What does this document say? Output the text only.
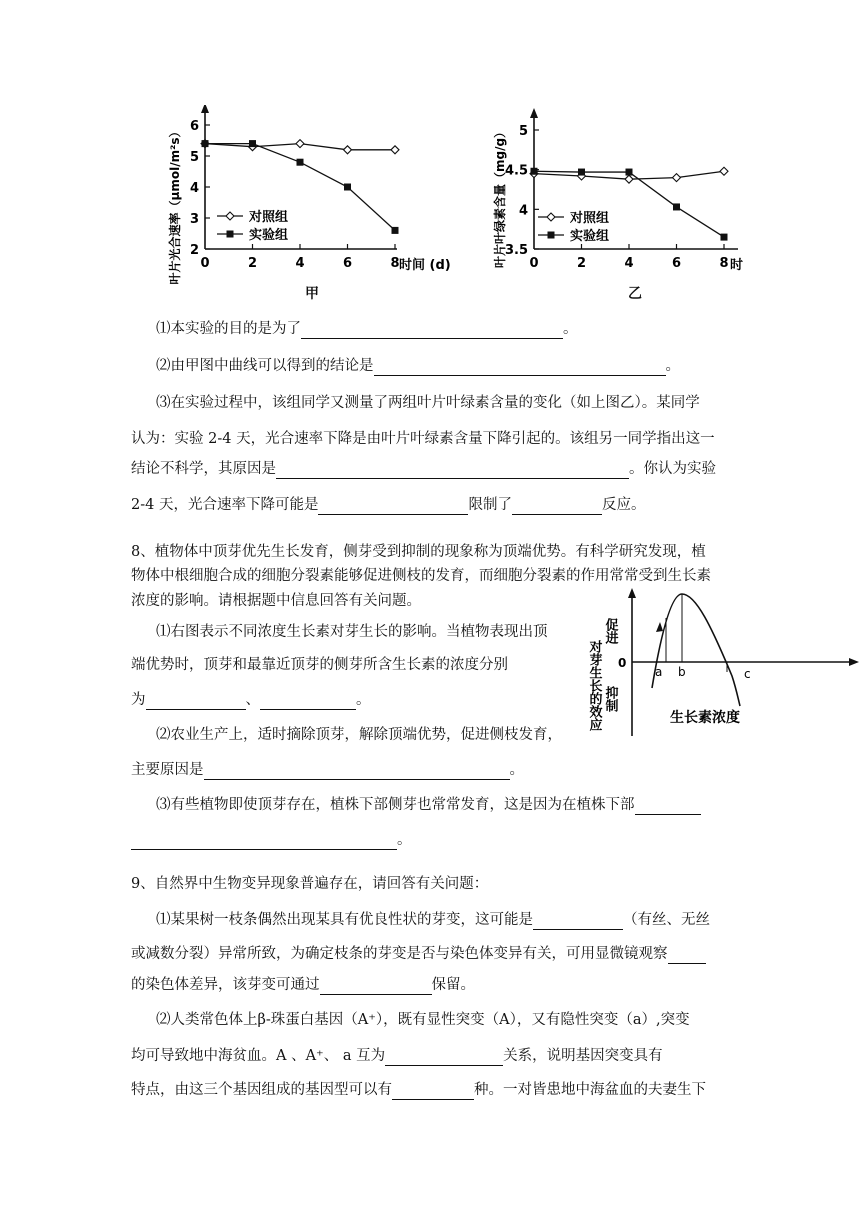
叶片光合速率（μmol/m²s） 2
3
4
5
6
0	2	4	6	8 时间 (d)
对照组
实验组
甲
叶片叶绿素含量（mg/g）
3.5
4
4.5
5
0	2	4	6	8 时
对照组
实验组
乙
⑴本实验的目的是为了	。
⑵由甲图中曲线可以得到的结论是	。
⑶在实验过程中，该组同学又测量了两组叶片叶绿素含量的变化（如上图乙）。某同学
认为：实验 2-4 天，光合速率下降是由叶片叶绿素含量下降引起的。该组另一同学指出这一
结论不科学，其原因是	。你认为实验
2-4 天，光合速率下降可能是	限制了	反应。
8、植物体中顶芽优先生长发育，侧芽受到抑制的现象称为顶端优势。有科学研究发现，植
物体中根细胞合成的细胞分裂素能够促进侧枝的发育，而细胞分裂素的作用常常受到生长素
浓度的影响。请根据题中信息回答有关问题。
⑴右图表示不同浓度生长素对芽生长的影响。当植物表现出顶
端优势时，顶芽和最靠近顶芽的侧芽所含生长素的浓度分别
为	、	。
⑵农业生产上，适时摘除顶芽，解除顶端优势，促进侧枝发育，
主要原因是	。
⑶有些植物即使顶芽存在，植株下部侧芽也常常发育，这是因为在植株下部
。
对芽生长的效应
促进
抑制
0
a b	c
生长素浓度
9、自然界中生物变异现象普遍存在，请回答有关问题：
⑴某果树一枝条偶然出现某具有优良性状的芽变，这可能是	（有丝、无丝
或减数分裂）异常所致，为确定枝条的芽变是否与染色体变异有关，可用显微镜观察
的染色体差异，该芽变可通过	保留。
⑵人类常色体上β-珠蛋白基因（A⁺），既有显性突变（A），又有隐性突变（a）,突变
均可导致地中海贫血。A 、A⁺、 a 互为	关系，说明基因突变具有
特点，由这三个基因组成的基因型可以有	种。一对皆患地中海盆血的夫妻生下
